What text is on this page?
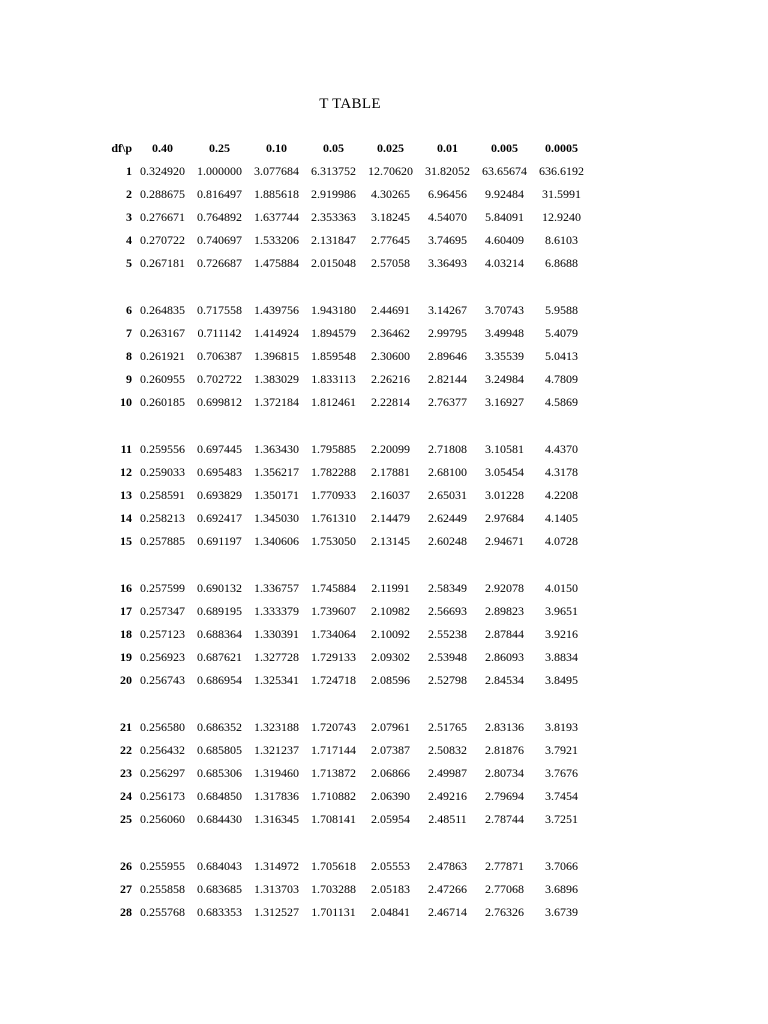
T TABLE
df\p	0.40	0.25	0.10	0.05	0.025	0.01	0.005	0.0005
1	0.324920	1.000000	3.077684	6.313752	12.70620	31.82052	63.65674	636.6192
2	0.288675	0.816497	1.885618	2.919986	4.30265	6.96456	9.92484	31.5991
3	0.276671	0.764892	1.637744	2.353363	3.18245	4.54070	5.84091	12.9240
4	0.270722	0.740697	1.533206	2.131847	2.77645	3.74695	4.60409	8.6103
5	0.267181	0.726687	1.475884	2.015048	2.57058	3.36493	4.03214	6.8688

6	0.264835	0.717558	1.439756	1.943180	2.44691	3.14267	3.70743	5.9588
7	0.263167	0.711142	1.414924	1.894579	2.36462	2.99795	3.49948	5.4079
8	0.261921	0.706387	1.396815	1.859548	2.30600	2.89646	3.35539	5.0413
9	0.260955	0.702722	1.383029	1.833113	2.26216	2.82144	3.24984	4.7809
10	0.260185	0.699812	1.372184	1.812461	2.22814	2.76377	3.16927	4.5869

11	0.259556	0.697445	1.363430	1.795885	2.20099	2.71808	3.10581	4.4370
12	0.259033	0.695483	1.356217	1.782288	2.17881	2.68100	3.05454	4.3178
13	0.258591	0.693829	1.350171	1.770933	2.16037	2.65031	3.01228	4.2208
14	0.258213	0.692417	1.345030	1.761310	2.14479	2.62449	2.97684	4.1405
15	0.257885	0.691197	1.340606	1.753050	2.13145	2.60248	2.94671	4.0728

16	0.257599	0.690132	1.336757	1.745884	2.11991	2.58349	2.92078	4.0150
17	0.257347	0.689195	1.333379	1.739607	2.10982	2.56693	2.89823	3.9651
18	0.257123	0.688364	1.330391	1.734064	2.10092	2.55238	2.87844	3.9216
19	0.256923	0.687621	1.327728	1.729133	2.09302	2.53948	2.86093	3.8834
20	0.256743	0.686954	1.325341	1.724718	2.08596	2.52798	2.84534	3.8495

21	0.256580	0.686352	1.323188	1.720743	2.07961	2.51765	2.83136	3.8193
22	0.256432	0.685805	1.321237	1.717144	2.07387	2.50832	2.81876	3.7921
23	0.256297	0.685306	1.319460	1.713872	2.06866	2.49987	2.80734	3.7676
24	0.256173	0.684850	1.317836	1.710882	2.06390	2.49216	2.79694	3.7454
25	0.256060	0.684430	1.316345	1.708141	2.05954	2.48511	2.78744	3.7251

26	0.255955	0.684043	1.314972	1.705618	2.05553	2.47863	2.77871	3.7066
27	0.255858	0.683685	1.313703	1.703288	2.05183	2.47266	2.77068	3.6896
28	0.255768	0.683353	1.312527	1.701131	2.04841	2.46714	2.76326	3.6739
